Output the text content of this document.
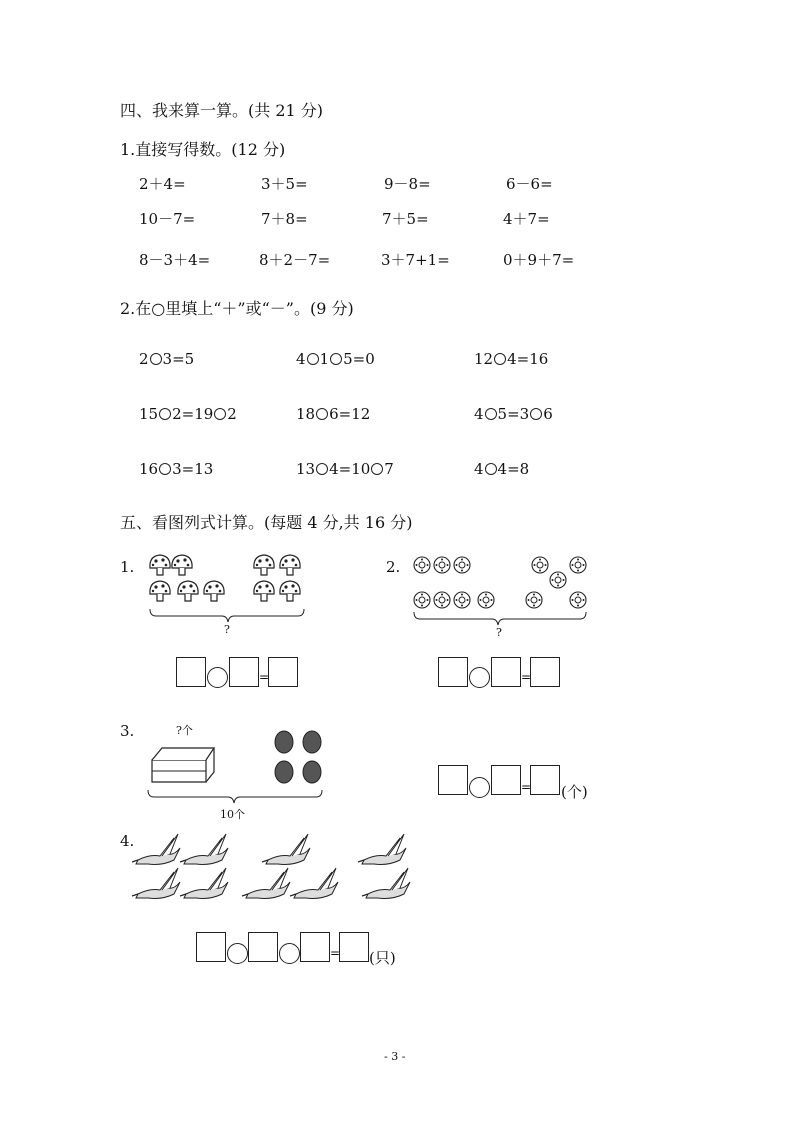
四、我来算一算。(共 21 分)
1.直接写得数。(12 分)
2＋4=	3＋5=	9－8=	6－6=
10－7=	7＋8=	7＋5=	4＋7=
8－3＋4=	8＋2－7=	3＋7+1=	0＋9＋7=
2.在○里填上“＋”或“－”。(9 分)
2 3=5	4 1 5=0	12 4=16
15 2=19 2	18 6=12	4 5=3 6
16 3=13	13 4=10 7	4 4=8
五、看图列式计算。(每题 4 分,共 16 分)
1.
?
=
2.
?
=
3.	?个
10个
= (个)
4.
= (只)
- 3 -
